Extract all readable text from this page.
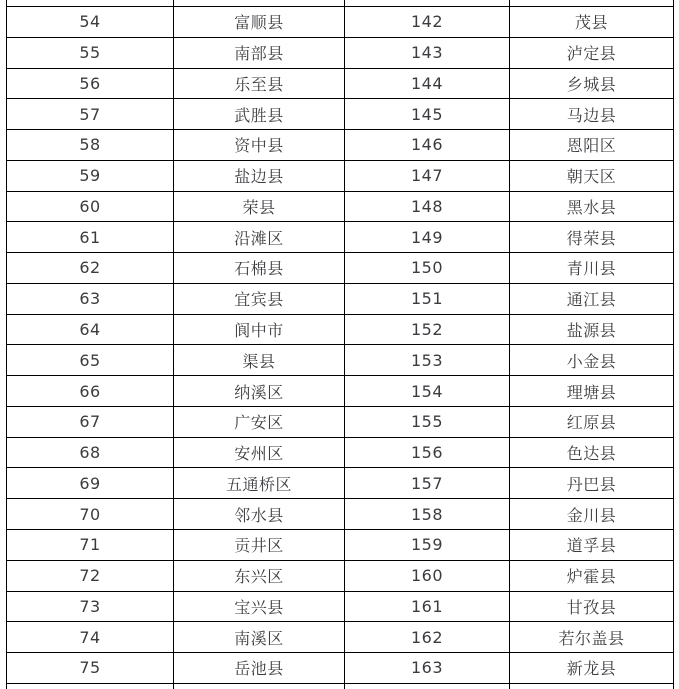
54	富顺县	142	茂县
55	南部县	143	泸定县
56	乐至县	144	乡城县
57	武胜县	145	马边县
58	资中县	146	恩阳区
59	盐边县	147	朝天区
60	荣县	148	黑水县
61	沿滩区	149	得荣县
62	石棉县	150	青川县
63	宜宾县	151	通江县
64	阆中市	152	盐源县
65	渠县	153	小金县
66	纳溪区	154	理塘县
67	广安区	155	红原县
68	安州区	156	色达县
69	五通桥区	157	丹巴县
70	邻水县	158	金川县
71	贡井区	159	道孚县
72	东兴区	160	炉霍县
73	宝兴县	161	甘孜县
74	南溪区	162	若尔盖县
75	岳池县	163	新龙县
